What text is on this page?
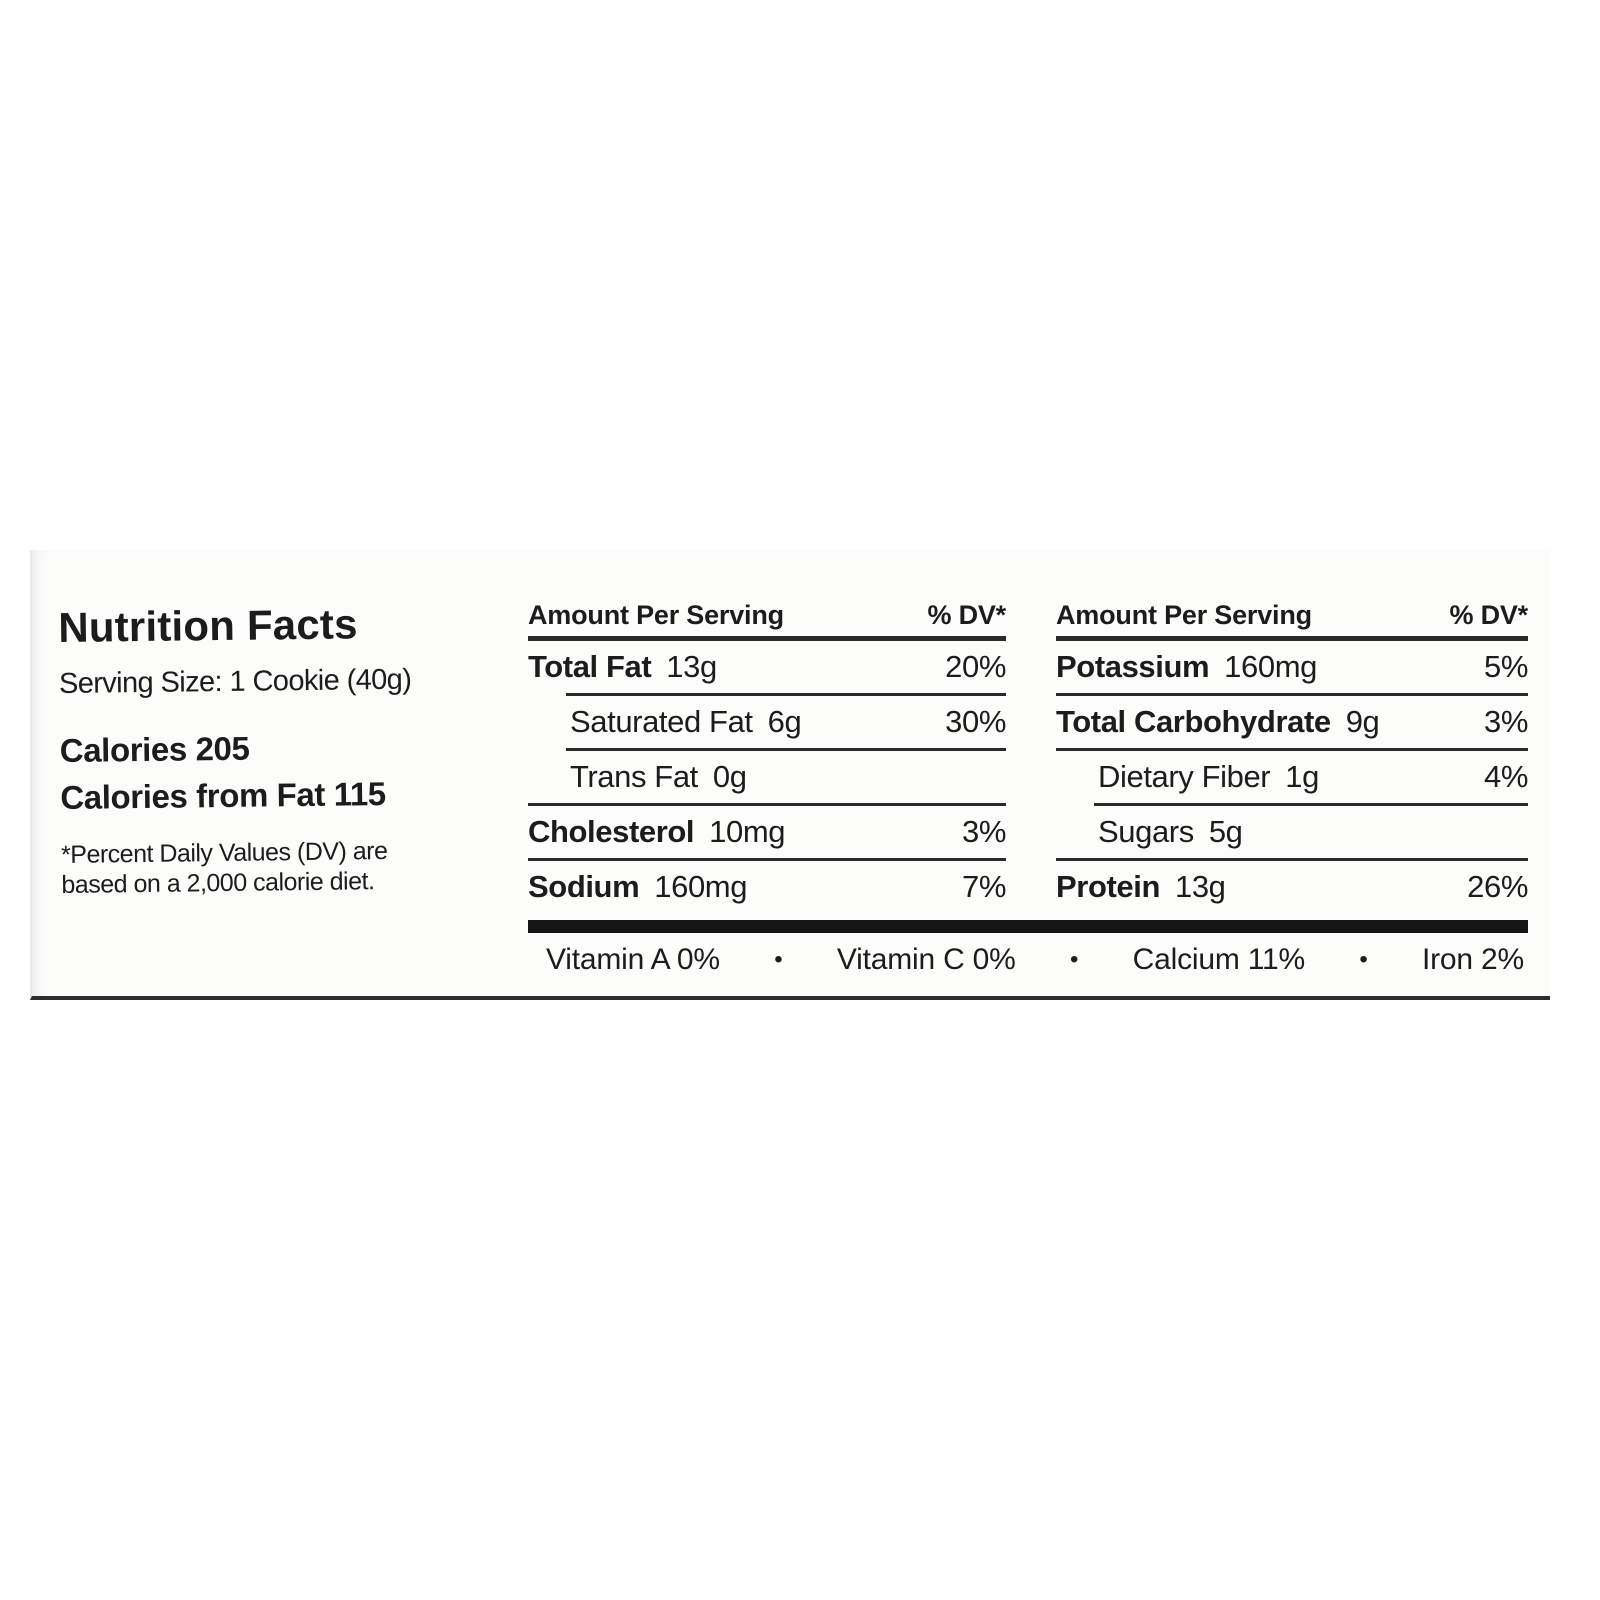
Nutrition Facts
Serving Size: 1 Cookie (40g)
Calories 205
Calories from Fat 115
*Percent Daily Values (DV) are
based on a 2,000 calorie diet.
Amount Per Serving	% DV*
Total Fat 13g	20%
Saturated Fat 6g	30%
Trans Fat 0g
Cholesterol 10mg	3%
Sodium 160mg	7%
Amount Per Serving	% DV*
Potassium 160mg	5%
Total Carbohydrate 9g	3%
Dietary Fiber 1g	4%
Sugars 5g
Protein 13g	26%
Vitamin A 0% • Vitamin C 0% • Calcium 11% • Iron 2%
